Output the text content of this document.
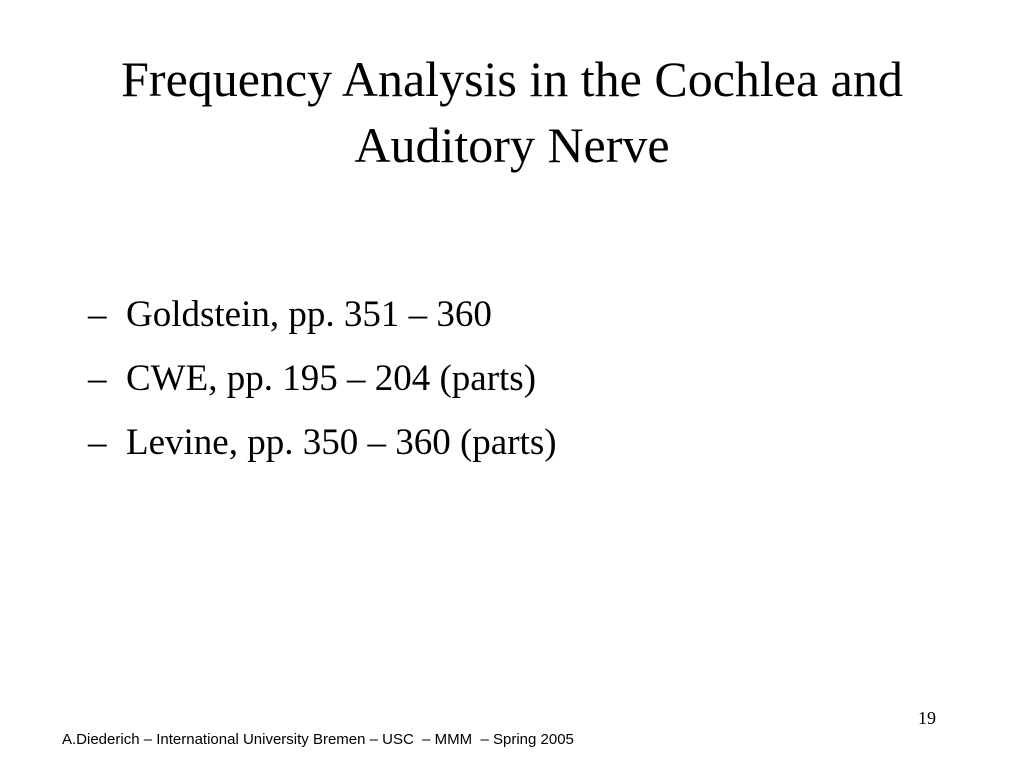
Frequency Analysis in the Cochlea and
Auditory Nerve
– Goldstein, pp. 351 – 360
– CWE, pp. 195 – 204 (parts)
– Levine, pp. 350 – 360 (parts)
19
A.Diederich – International University Bremen – USC  – MMM  – Spring 2005
